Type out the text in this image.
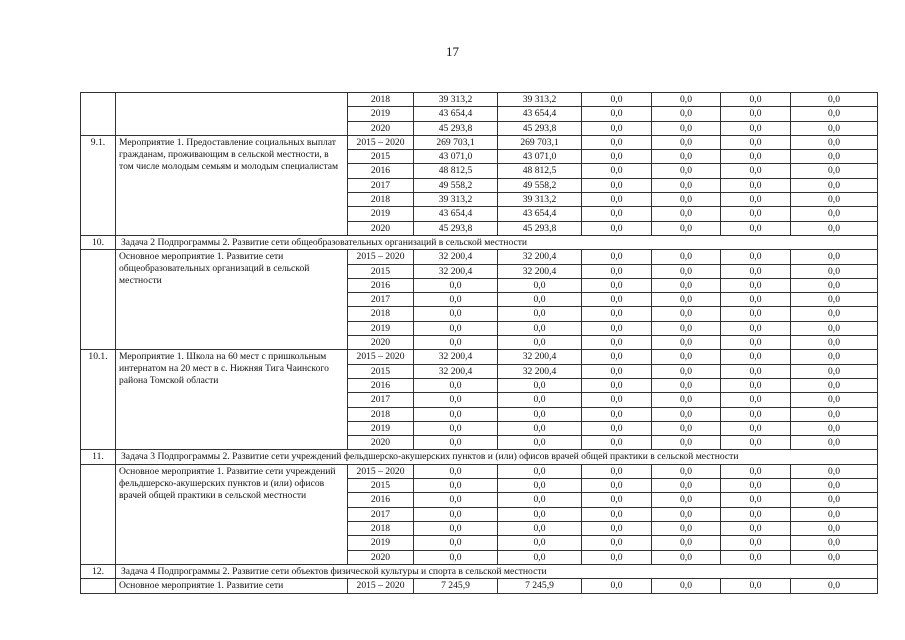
17
		2018	39 313,2	39 313,2	0,0	0,0	0,0	0,0
		2019	43 654,4	43 654,4	0,0	0,0	0,0	0,0
		2020	45 293,8	45 293,8	0,0	0,0	0,0	0,0
9.1.	Мероприятие 1. Предоставление социальных выплат гражданам, проживающим в сельской местности, в том числе молодым семьям и молодым специалистам	2015 – 2020	269 703,1	269 703,1	0,0	0,0	0,0	0,0
		2015	43 071,0	43 071,0	0,0	0,0	0,0	0,0
		2016	48 812,5	48 812,5	0,0	0,0	0,0	0,0
		2017	49 558,2	49 558,2	0,0	0,0	0,0	0,0
		2018	39 313,2	39 313,2	0,0	0,0	0,0	0,0
		2019	43 654,4	43 654,4	0,0	0,0	0,0	0,0
		2020	45 293,8	45 293,8	0,0	0,0	0,0	0,0
10.	Задача 2 Подпрограммы 2. Развитие сети общеобразовательных организаций в сельской местности							
	Основное мероприятие 1. Развитие сети общеобразовательных организаций в сельской местности	2015 – 2020	32 200,4	32 200,4	0,0	0,0	0,0	0,0
		2015	32 200,4	32 200,4	0,0	0,0	0,0	0,0
		2016	0,0	0,0	0,0	0,0	0,0	0,0
		2017	0,0	0,0	0,0	0,0	0,0	0,0
		2018	0,0	0,0	0,0	0,0	0,0	0,0
		2019	0,0	0,0	0,0	0,0	0,0	0,0
		2020	0,0	0,0	0,0	0,0	0,0	0,0
10.1.	Мероприятие 1. Школа на 60 мест с пришкольным интернатом на 20 мест в с. Нижняя Тига Чаинского района Томской области	2015 – 2020	32 200,4	32 200,4	0,0	0,0	0,0	0,0
		2015	32 200,4	32 200,4	0,0	0,0	0,0	0,0
		2016	0,0	0,0	0,0	0,0	0,0	0,0
		2017	0,0	0,0	0,0	0,0	0,0	0,0
		2018	0,0	0,0	0,0	0,0	0,0	0,0
		2019	0,0	0,0	0,0	0,0	0,0	0,0
		2020	0,0	0,0	0,0	0,0	0,0	0,0
11.	Задача 3 Подпрограммы 2. Развитие сети учреждений фельдшерско-акушерских пунктов и (или) офисов врачей общей практики в сельской местности							
	Основное мероприятие 1. Развитие сети учреждений фельдшерско-акушерских пунктов и (или) офисов врачей общей практики в сельской местности	2015 – 2020	0,0	0,0	0,0	0,0	0,0	0,0
		2015	0,0	0,0	0,0	0,0	0,0	0,0
		2016	0,0	0,0	0,0	0,0	0,0	0,0
		2017	0,0	0,0	0,0	0,0	0,0	0,0
		2018	0,0	0,0	0,0	0,0	0,0	0,0
		2019	0,0	0,0	0,0	0,0	0,0	0,0
		2020	0,0	0,0	0,0	0,0	0,0	0,0
12.	Задача 4 Подпрограммы 2. Развитие сети объектов физической культуры и спорта в сельской местности							
	Основное мероприятие 1. Развитие сети	2015 – 2020	7 245,9	7 245,9	0,0	0,0	0,0	0,0
